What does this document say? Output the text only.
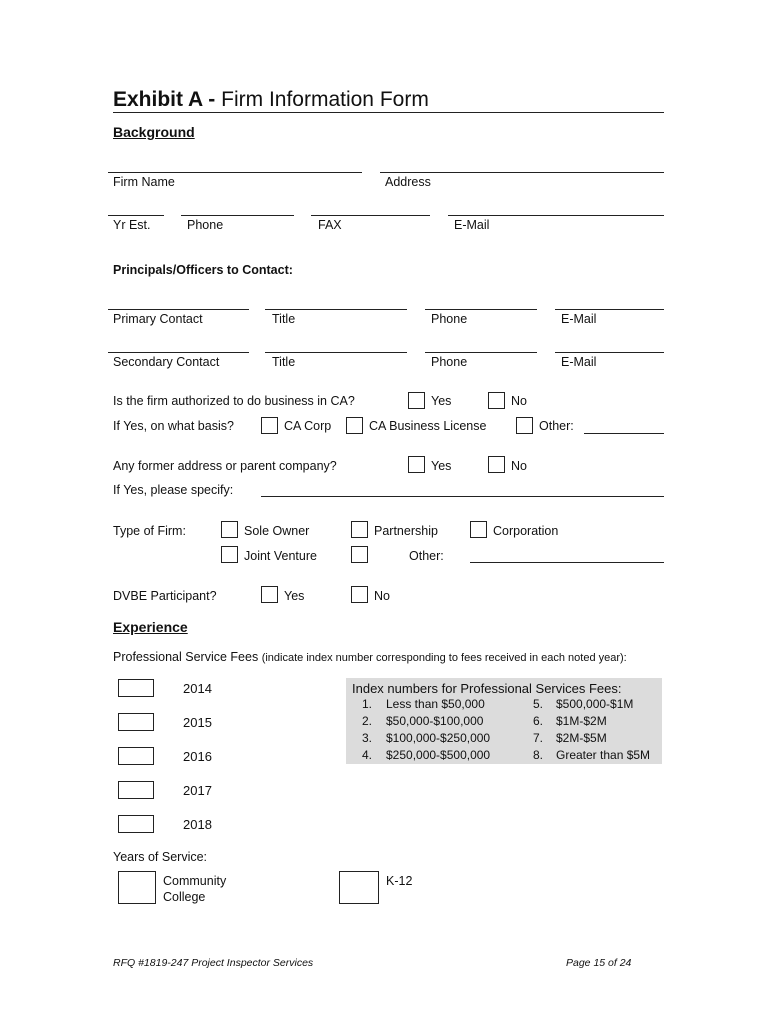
Exhibit A - Firm Information Form
Background
Firm Name	Address
Yr Est.	Phone	FAX	E-Mail
Principals/Officers to Contact:
Primary Contact	Title	Phone	E-Mail
Secondary Contact	Title	Phone	E-Mail
Is the firm authorized to do business in CA?	Yes	No
If Yes, on what basis?	CA Corp	CA Business License	Other:
Any former address or parent company?	Yes	No
If Yes, please specify:
Type of Firm:	Sole Owner	Partnership	Corporation
Joint Venture	Other:
DVBE Participant?	Yes	No
Experience
Professional Service Fees (indicate index number corresponding to fees received in each noted year):
2014
2015
2016
2017
2018
Index numbers for Professional Services Fees:
1. Less than $50,000
2. $50,000-$100,000
3. $100,000-$250,000
4. $250,000-$500,000
5. $500,000-$1M
6. $1M-$2M
7. $2M-$5M
8. Greater than $5M
Years of Service:
Community
College
K-12
RFQ #1819-247 Project Inspector Services	Page 15 of 24
